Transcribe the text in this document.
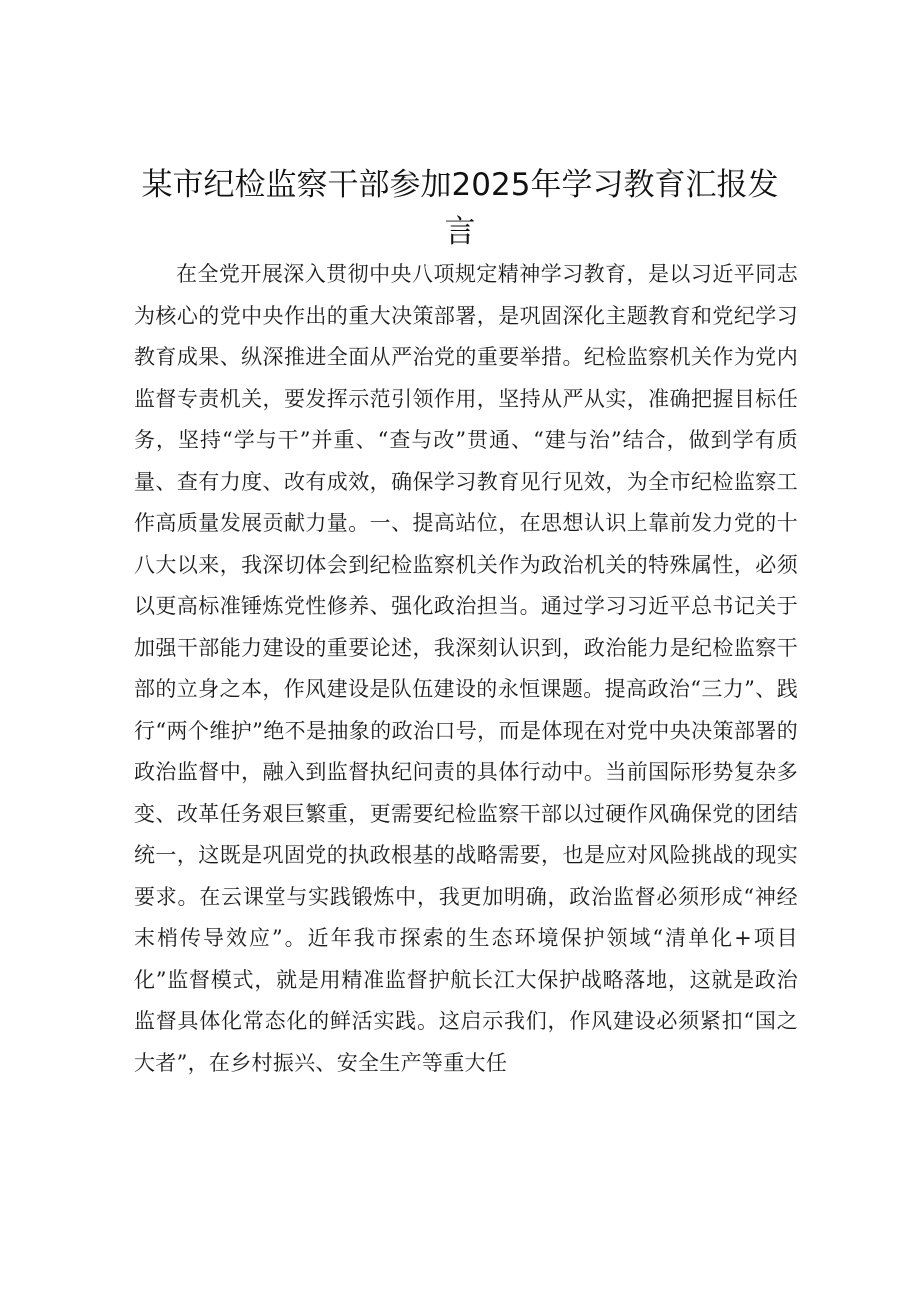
某市纪检监察干部参加2025年学习教育汇报发言

在全党开展深入贯彻中央八项规定精神学习教育，是以习近平同志为核心的党中央作出的重大决策部署，是巩固深化主题教育和党纪学习教育成果、纵深推进全面从严治党的重要举措。纪检监察机关作为党内监督专责机关，要发挥示范引领作用，坚持从严从实，准确把握目标任务，坚持“学与干”并重、“查与改”贯通、“建与治”结合，做到学有质量、查有力度、改有成效，确保学习教育见行见效，为全市纪检监察工作高质量发展贡献力量。一、提高站位，在思想认识上靠前发力党的十八大以来，我深切体会到纪检监察机关作为政治机关的特殊属性，必须以更高标准锤炼党性修养、强化政治担当。通过学习习近平总书记关于加强干部能力建设的重要论述，我深刻认识到，政治能力是纪检监察干部的立身之本，作风建设是队伍建设的永恒课题。提高政治“三力”、践行“两个维护”绝不是抽象的政治口号，而是体现在对党中央决策部署的政治监督中，融入到监督执纪问责的具体行动中。当前国际形势复杂多变、改革任务艰巨繁重，更需要纪检监察干部以过硬作风确保党的团结统一，这既是巩固党的执政根基的战略需要，也是应对风险挑战的现实要求。在云课堂与实践锻炼中，我更加明确，政治监督必须形成“神经末梢传导效应”。近年我市探索的生态环境保护领域“清单化+项目化”监督模式，就是用精准监督护航长江大保护战略落地，这就是政治监督具体化常态化的鲜活实践。这启示我们，作风建设必须紧扣“国之大者”，在乡村振兴、安全生产等重大任
